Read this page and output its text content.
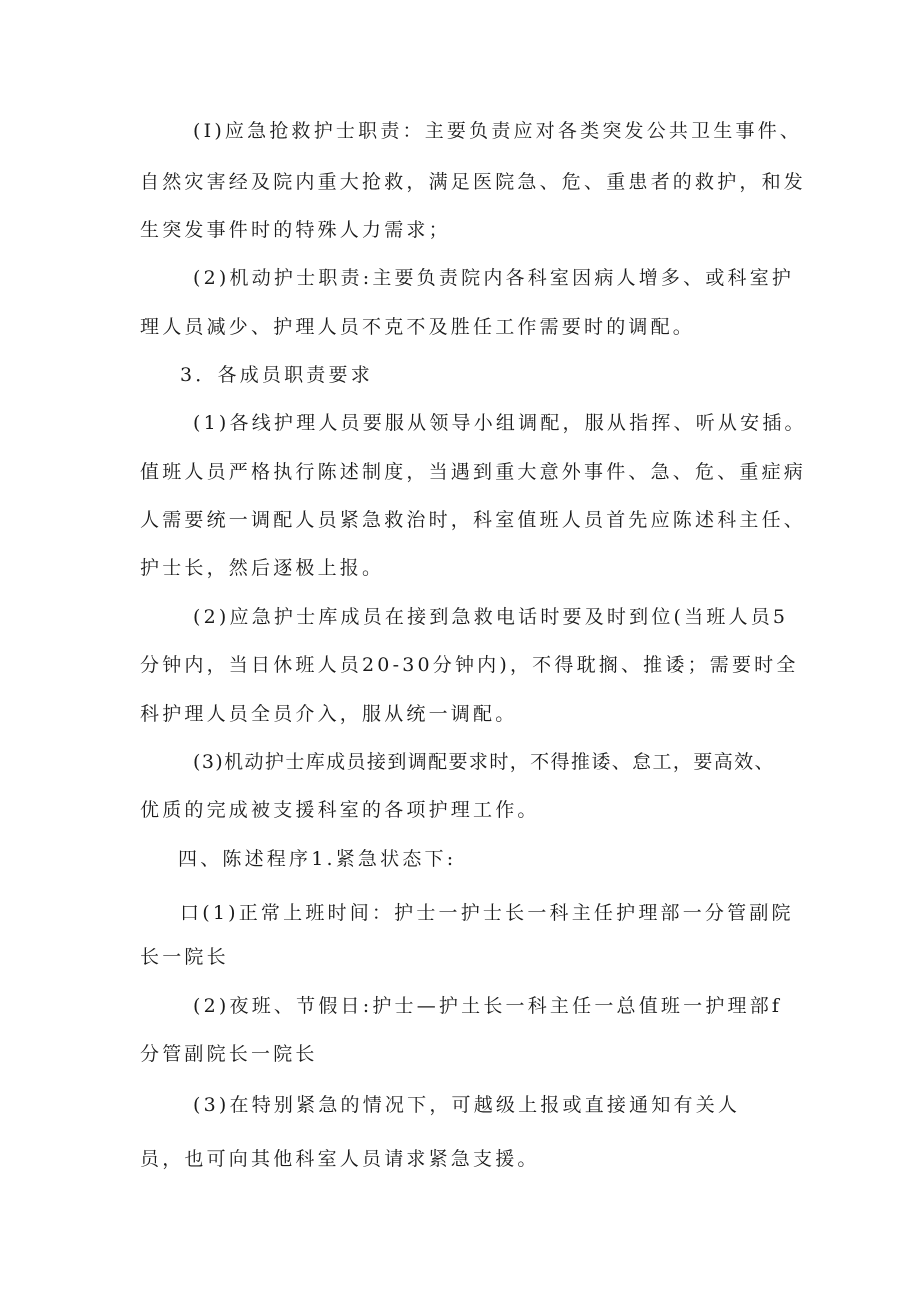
(I)应急抢救护士职责：主要负责应对各类突发公共卫生事件、
自然灾害经及院内重大抢救，满足医院急、危、重患者的救护，和发
生突发事件时的特殊人力需求；
(2)机动护士职责:主要负责院内各科室因病人增多、或科室护
理人员减少、护理人员不克不及胜任工作需要时的调配。
3．各成员职责要求
(1)各线护理人员要服从领导小组调配，服从指挥、听从安插。
值班人员严格执行陈述制度，当遇到重大意外事件、急、危、重症病
人需要统一调配人员紧急救治时，科室值班人员首先应陈述科主任、
护士长，然后逐极上报。
(2)应急护士库成员在接到急救电话时要及时到位(当班人员5
分钟内，当日休班人员20-30分钟内)，不得耽搁、推诿；需要时全
科护理人员全员介入，服从统一调配。
(3)机动护士库成员接到调配要求时，不得推诿、怠工，要高效、
优质的完成被支援科室的各项护理工作。
四、陈述程序1.紧急状态下:
口(1)正常上班时间：护士一护士长一科主任护理部一分管副院
长一院长
(2)夜班、节假日:护士—护土长一科主任一总值班一护理部f
分管副院长一院长
(3)在特别紧急的情况下，可越级上报或直接通知有关人
员，也可向其他科室人员请求紧急支援。
